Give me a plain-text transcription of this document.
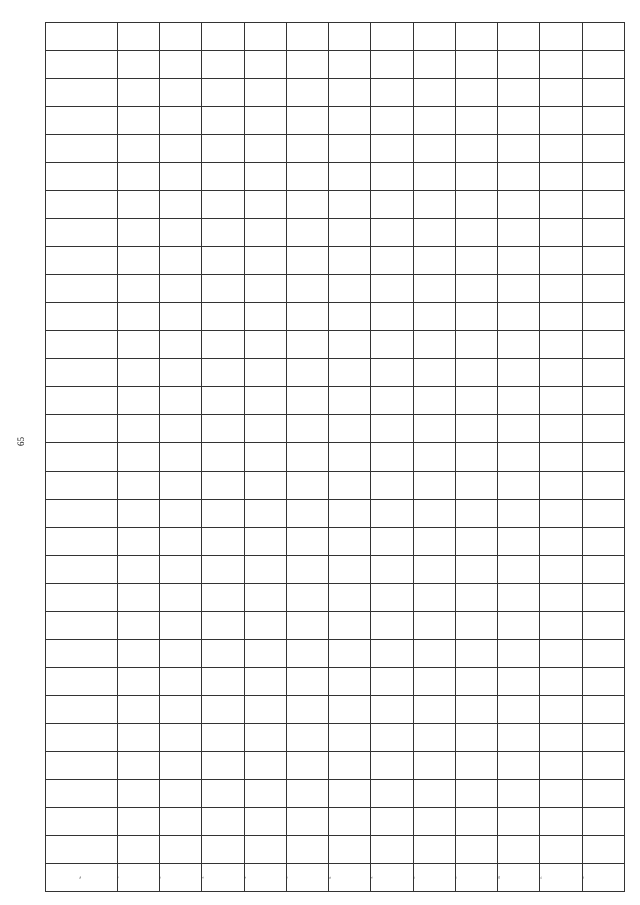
65
№																														
1.																														
2.																														
3.																														
4.																														
5.																														
6.																														
7.																														
8.																														
9.																														
10.																														
11.																														
12.																														
